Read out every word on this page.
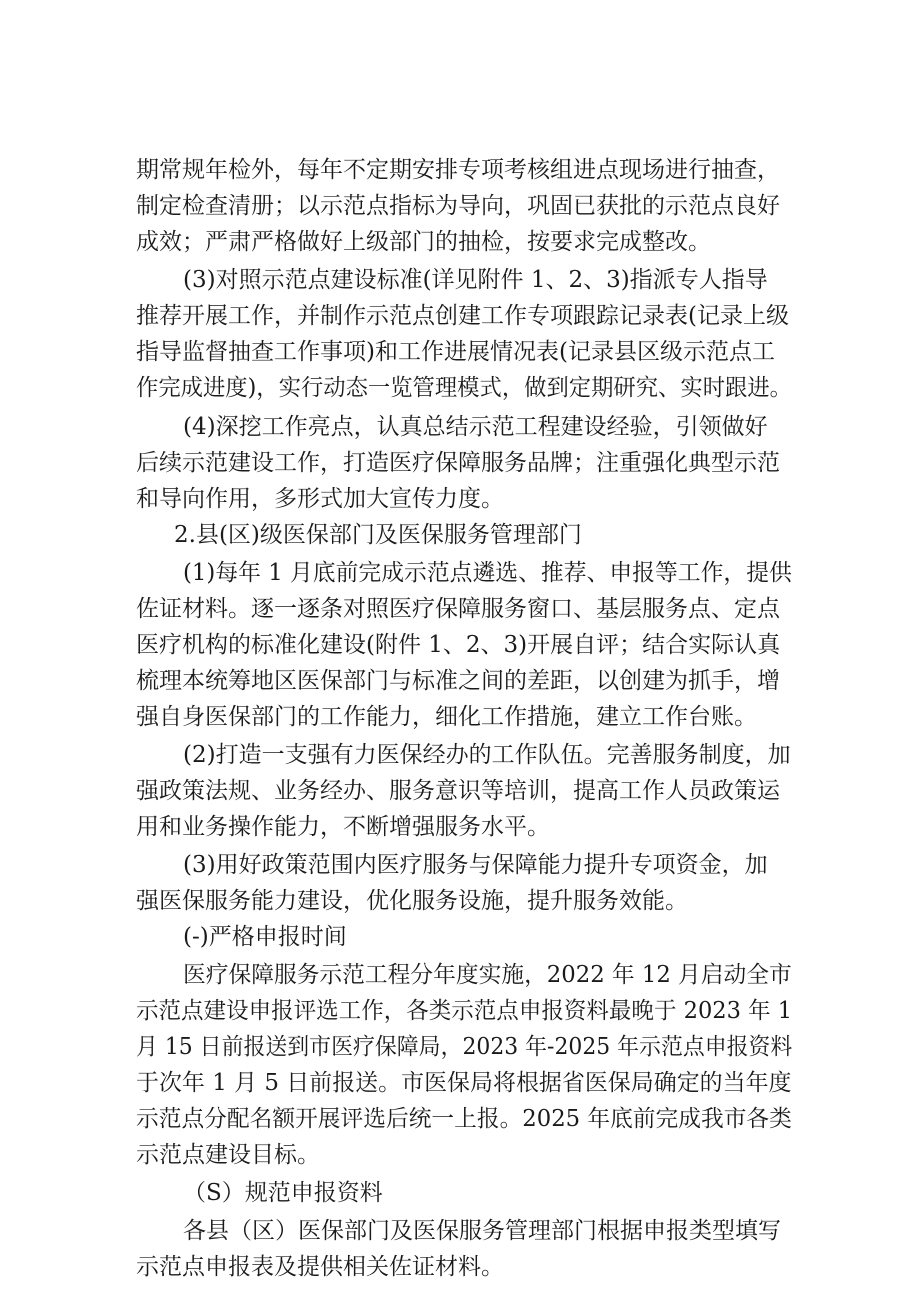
期常规年检外，每年不定期安排专项考核组进点现场进行抽查，
制定检查清册；以示范点指标为导向，巩固已获批的示范点良好
成效；严肃严格做好上级部门的抽检，按要求完成整改。
(3)对照示范点建设标准(详见附件 1、2、3)指派专人指导
推荐开展工作，并制作示范点创建工作专项跟踪记录表(记录上级
指导监督抽查工作事项)和工作进展情况表(记录县区级示范点工
作完成进度)，实行动态一览管理模式，做到定期研究、实时跟进。
(4)深挖工作亮点，认真总结示范工程建设经验，引领做好
后续示范建设工作，打造医疗保障服务品牌；注重强化典型示范
和导向作用，多形式加大宣传力度。
2.县(区)级医保部门及医保服务管理部门
(1)每年 1 月底前完成示范点遴选、推荐、申报等工作，提供
佐证材料。逐一逐条对照医疗保障服务窗口、基层服务点、定点
医疗机构的标准化建设(附件 1、2、3)开展自评；结合实际认真
梳理本统筹地区医保部门与标准之间的差距，以创建为抓手，增
强自身医保部门的工作能力，细化工作措施，建立工作台账。
(2)打造一支强有力医保经办的工作队伍。完善服务制度，加
强政策法规、业务经办、服务意识等培训，提高工作人员政策运
用和业务操作能力，不断增强服务水平。
(3)用好政策范围内医疗服务与保障能力提升专项资金，加
强医保服务能力建设，优化服务设施，提升服务效能。
(-)严格申报时间
医疗保障服务示范工程分年度实施，2022 年 12 月启动全市
示范点建设申报评选工作，各类示范点申报资料最晚于 2023 年 1
月 15 日前报送到市医疗保障局，2023 年-2025 年示范点申报资料
于次年 1 月 5 日前报送。市医保局将根据省医保局确定的当年度
示范点分配名额开展评选后统一上报。2025 年底前完成我市各类
示范点建设目标。
（S）规范申报资料
各县（区）医保部门及医保服务管理部门根据申报类型填写
示范点申报表及提供相关佐证材料。
